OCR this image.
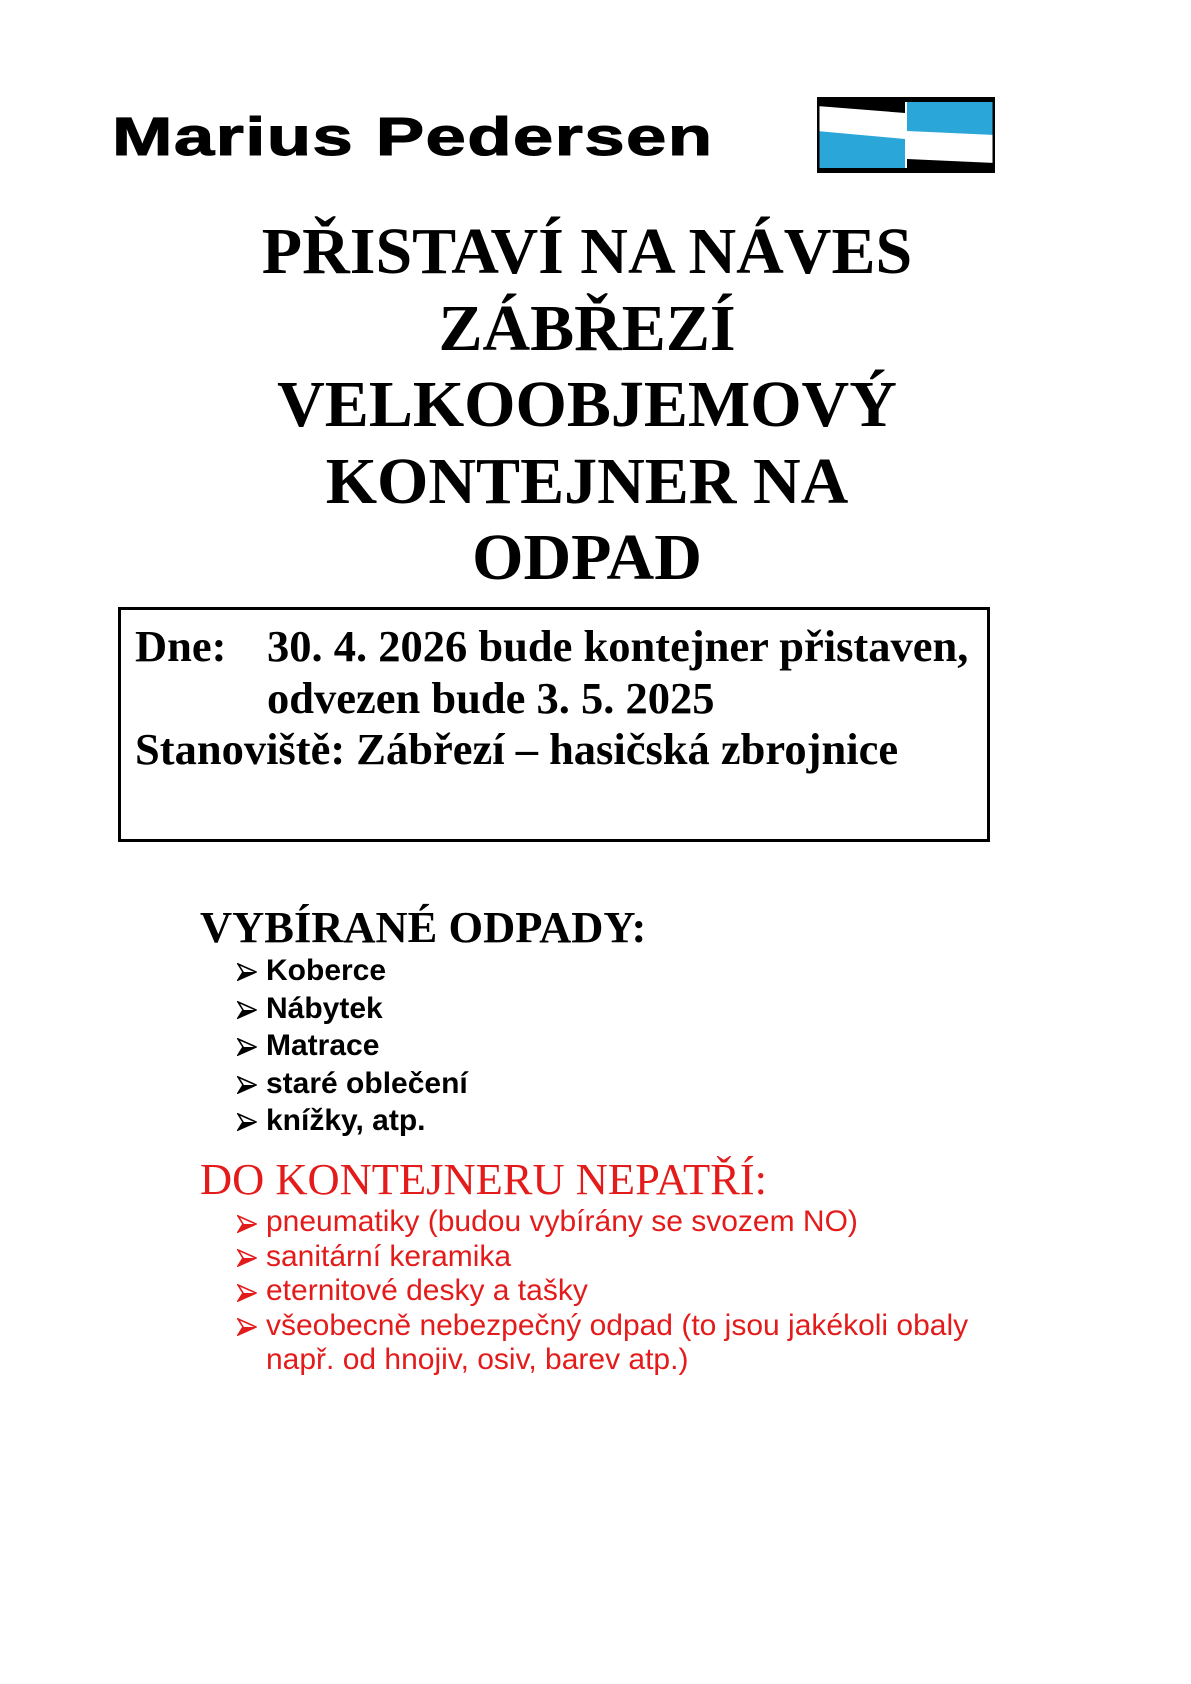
Marius Pedersen
PŘISTAVÍ NA NÁVES
ZÁBŘEZÍ
VELKOOBJEMOVÝ
KONTEJNER NA
ODPAD
Dne: 30. 4. 2026 bude kontejner přistaven,
odvezen bude 3. 5. 2025
Stanoviště: Zábřezí – hasičská zbrojnice
VYBÍRANÉ ODPADY:
Koberce
Nábytek
Matrace
staré oblečení
knížky, atp.
DO KONTEJNERU NEPATŘÍ:
pneumatiky (budou vybírány se svozem NO)
sanitární keramika
eternitové desky a tašky
všeobecně nebezpečný odpad (to jsou jakékoli obaly
např. od hnojiv, osiv, barev atp.)
